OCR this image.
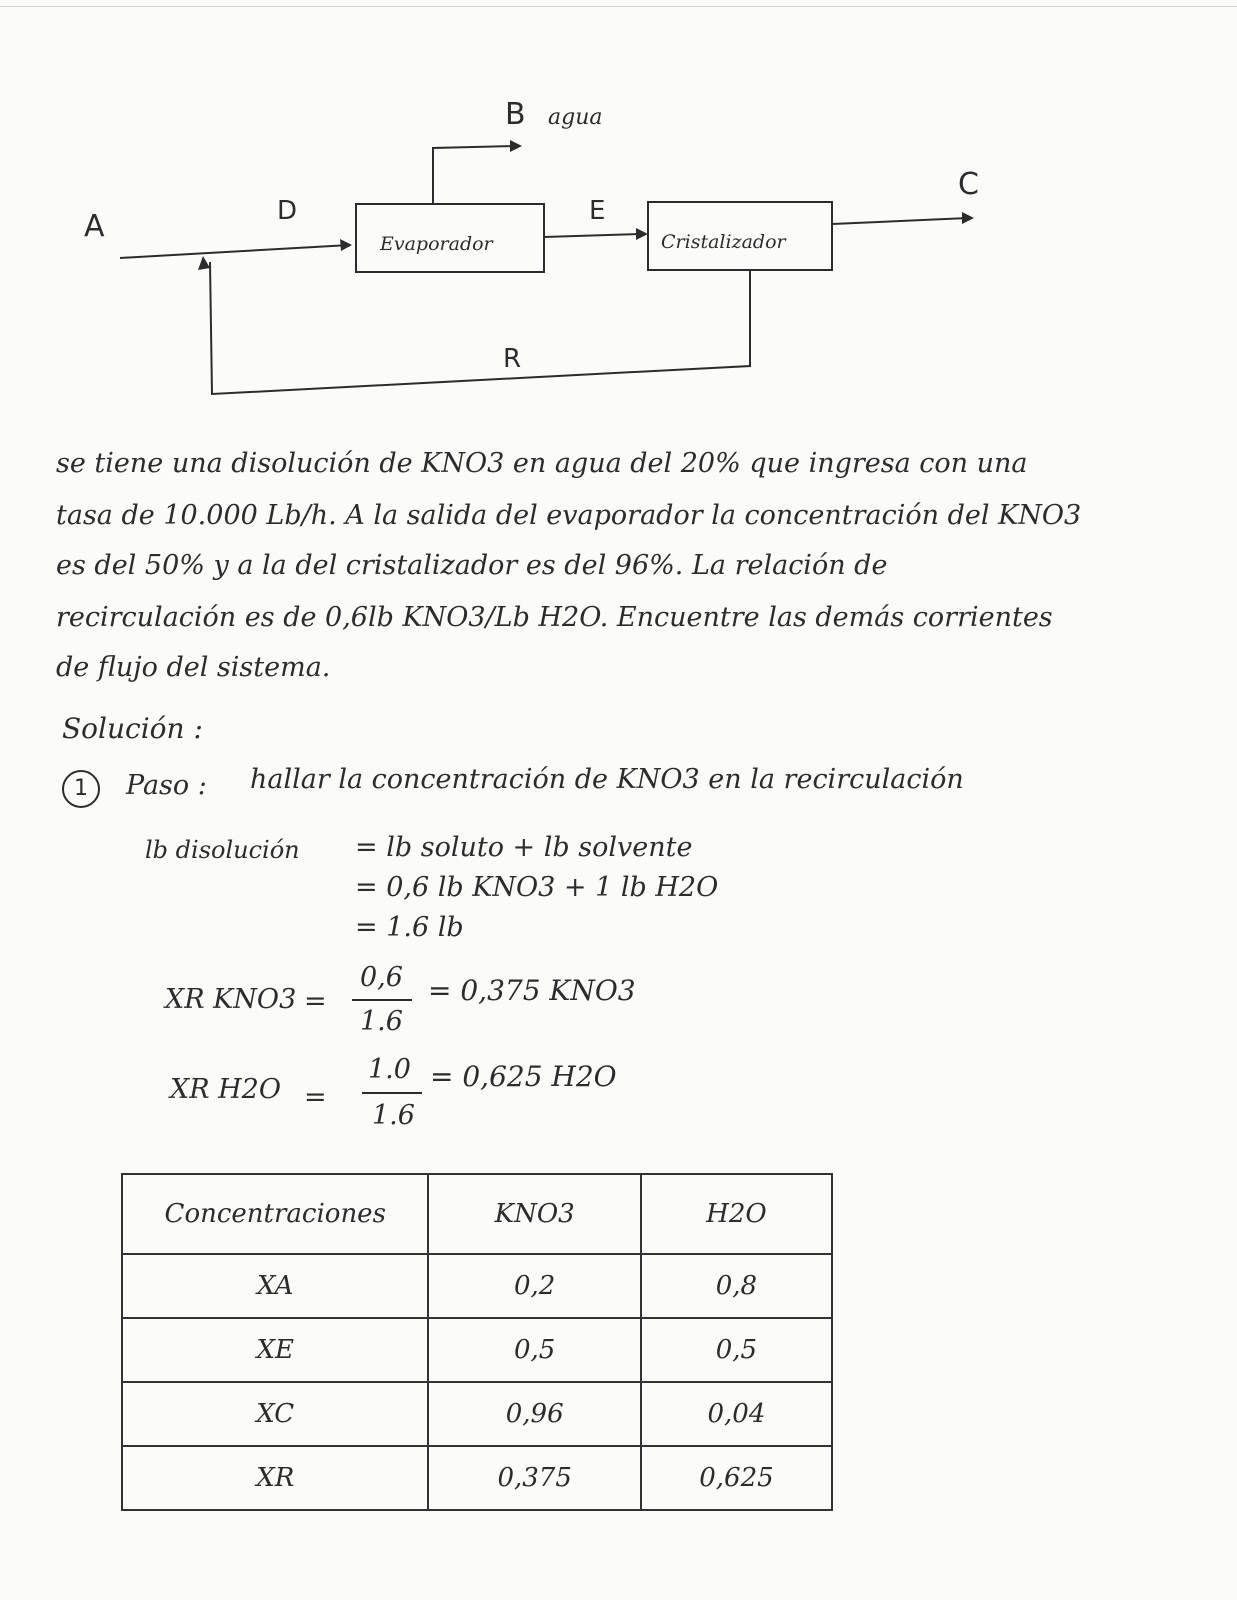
A
B agua
C
D	E
R
Evaporador	Cristalizador
se tiene una disolución de KNO3 en agua del 20% que ingresa con una
tasa de 10.000 Lb/h. A la salida del evaporador la concentración del KNO3
es del 50% y a la del cristalizador es del 96%. La relación de
recirculación es de 0,6lb KNO3/Lb H2O. Encuentre las demás corrientes
de flujo del sistema.
Solución :
1	Paso : hallar la concentración de KNO3 en la recirculación
lb disolución = lb soluto + lb solvente
= 0,6 lb KNO3 + 1 lb H2O
= 1.6 lb
XR KNO3 =
0,6
1.6
= 0,375 KNO3
XR H2O =
1.0
1.6
= 0,625 H2O
Concentraciones	KNO3	H2O
XA	0,2	0,8
XE	0,5	0,5
XC	0,96	0,04
XR	0,375	0,625
